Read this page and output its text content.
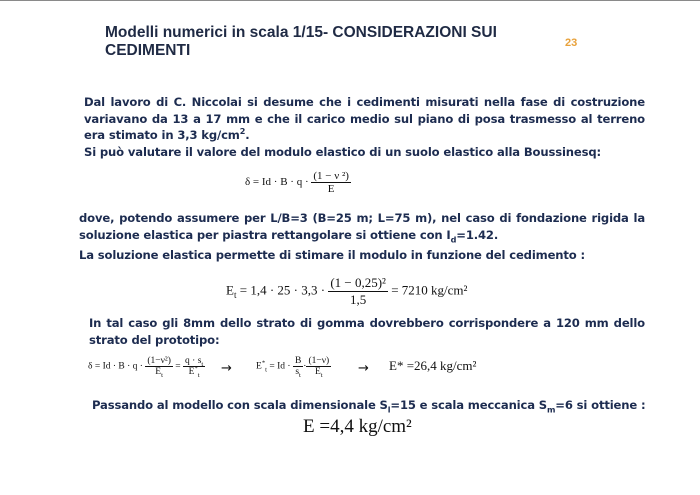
Modelli numerici in scala 1/15- CONSIDERAZIONI SUI CEDIMENTI	23
Dal lavoro di C. Niccolai si desume che i cedimenti misurati nella fase di costruzione variavano da 13 a 17 mm e che il carico medio sul piano di posa trasmesso al terreno era stimato in 3,3 $kg/cm^2$.
Si può valutare il valore del modulo elastico di un suolo elastico alla Boussinesq:
$\delta = Id \cdot B \cdot q \cdot \frac{\text{(1 − ν ²)}}{E}$
dove, potendo assumere per L/B=3 (B=25 m; L=75 m), nel caso di fondazione rigida la soluzione elastica per piastra rettangolare si ottiene con $I_d=1.42$.
La soluzione elastica permette di stimare il modulo in funzione del cedimento :
$E_t = 1,4 \cdot 25 \cdot 3,3 \cdot \frac{\text{(1 − 0,25)²}}{1,5} = 7210$ kg/cm²
In tal caso gli 8mm dello strato di gomma dovrebbero corrispondere a 120 mm dello strato del prototipo:
$\delta = Id \cdot B \cdot q \cdot \frac{\text{(1−ν²)}}{E_t} = \frac{q \cdot s_t}{E^*_t}$ →	$E^*_t = Id \cdot \frac{B}{s_t} \cdot \frac{(1-\nu)}{E_t} \to E* =26,4$ kg/cm²
Passando al modello con scala dimensionale $S_l=15$ e scala meccanica $S_m=6$ si ottiene :
E =4,4 kg/cm²
